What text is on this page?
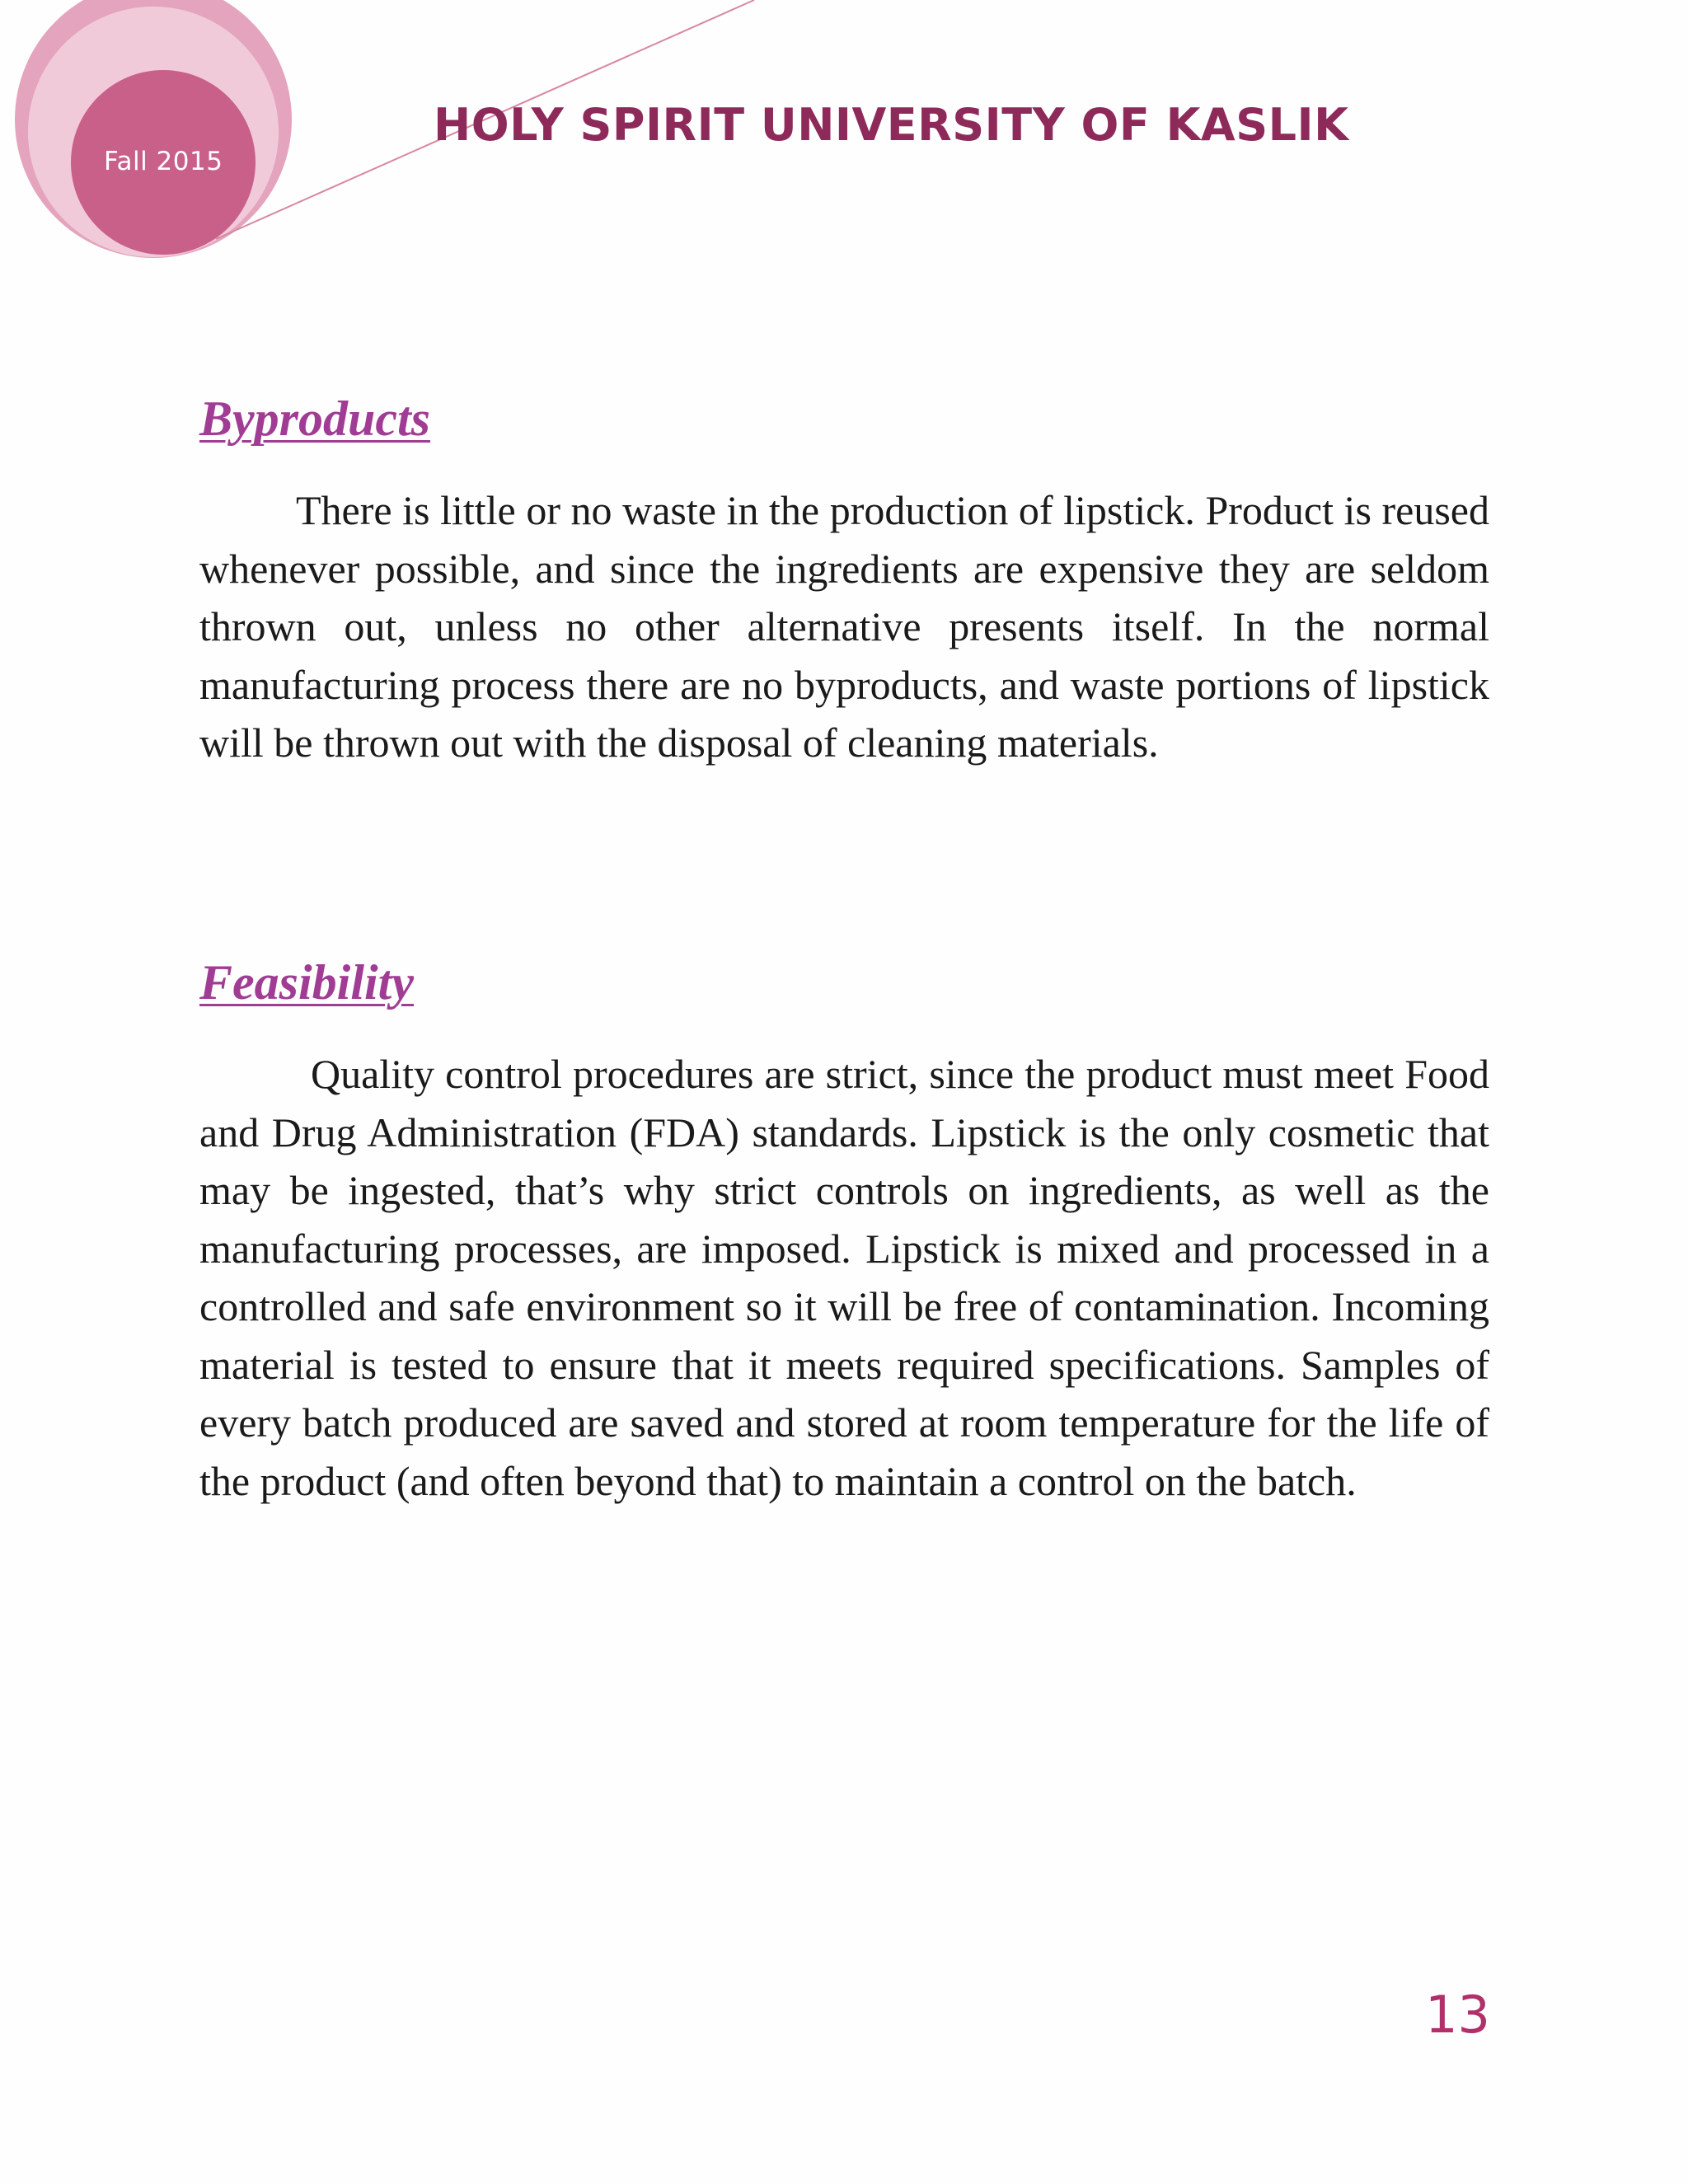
Fall 2015
HOLY SPIRIT UNIVERSITY OF KASLIK
Byproducts

There is little or no waste in the production of lipstick. Product is reused whenever possible, and since the ingredients are expensive they are seldom thrown out, unless no other alternative presents itself. In the normal manufacturing process there are no byproducts, and waste portions of lipstick will be thrown out with the disposal of cleaning materials.

Feasibility

Quality control procedures are strict, since the product must meet Food and Drug Administration (FDA) standards. Lipstick is the only cosmetic that may be ingested, that’s why strict controls on ingredients, as well as the manufacturing processes, are imposed. Lipstick is mixed and processed in a controlled and safe environment so it will be free of contamination. Incoming material is tested to ensure that it meets required specifications. Samples of every batch produced are saved and stored at room temperature for the life of the product (and often beyond that) to maintain a control on the batch.

13
